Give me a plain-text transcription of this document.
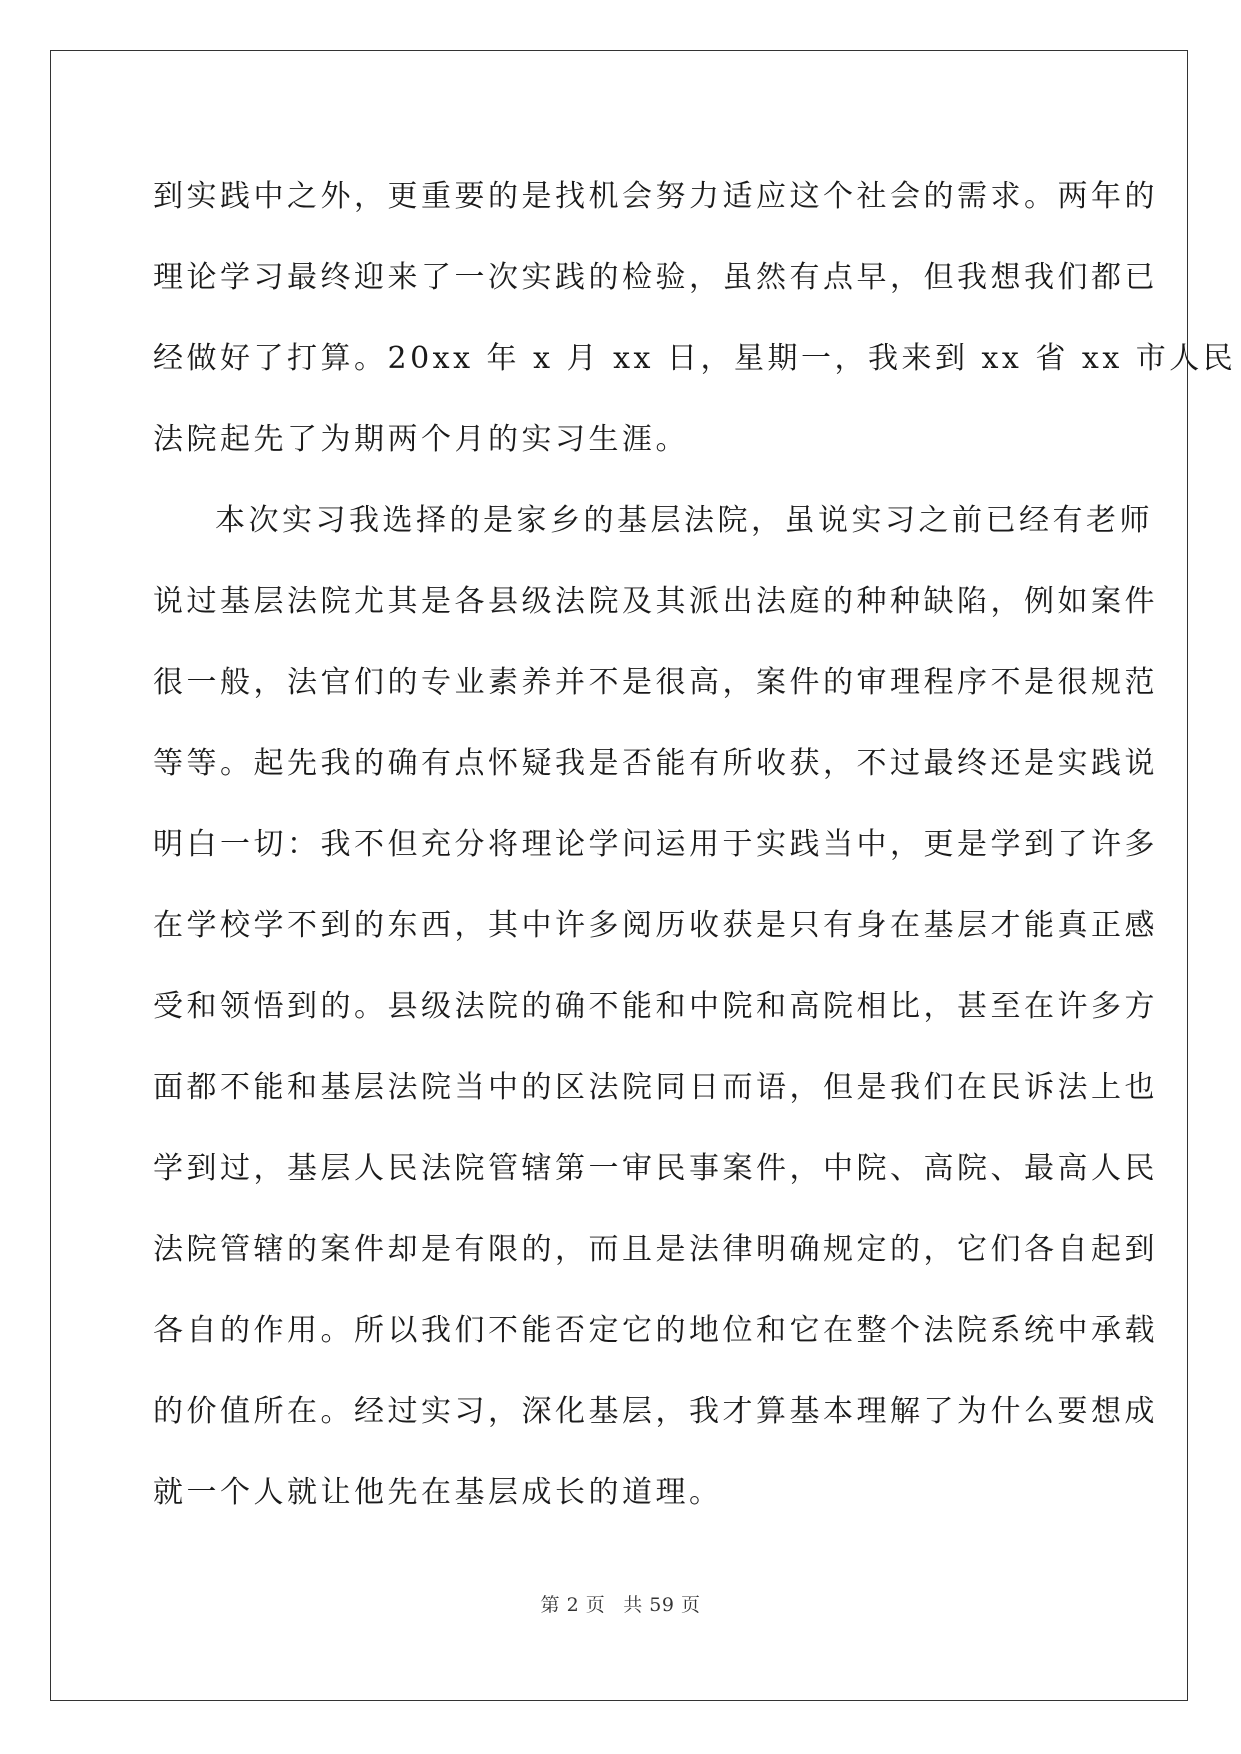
到实践中之外，更重要的是找机会努力适应这个社会的需求。两年的
理论学习最终迎来了一次实践的检验，虽然有点早，但我想我们都已
经做好了打算。20xx 年 x 月 xx 日，星期一，我来到 xx 省 xx 市人民
法院起先了为期两个月的实习生涯。

本次实习我选择的是家乡的基层法院，虽说实习之前已经有老师
说过基层法院尤其是各县级法院及其派出法庭的种种缺陷，例如案件
很一般，法官们的专业素养并不是很高，案件的审理程序不是很规范
等等。起先我的确有点怀疑我是否能有所收获，不过最终还是实践说
明白一切：我不但充分将理论学问运用于实践当中，更是学到了许多
在学校学不到的东西，其中许多阅历收获是只有身在基层才能真正感
受和领悟到的。县级法院的确不能和中院和高院相比，甚至在许多方
面都不能和基层法院当中的区法院同日而语，但是我们在民诉法上也
学到过，基层人民法院管辖第一审民事案件，中院、高院、最高人民
法院管辖的案件却是有限的，而且是法律明确规定的，它们各自起到
各自的作用。所以我们不能否定它的地位和它在整个法院系统中承载
的价值所在。经过实习，深化基层，我才算基本理解了为什么要想成
就一个人就让他先在基层成长的道理。

第 2 页 共 59 页
